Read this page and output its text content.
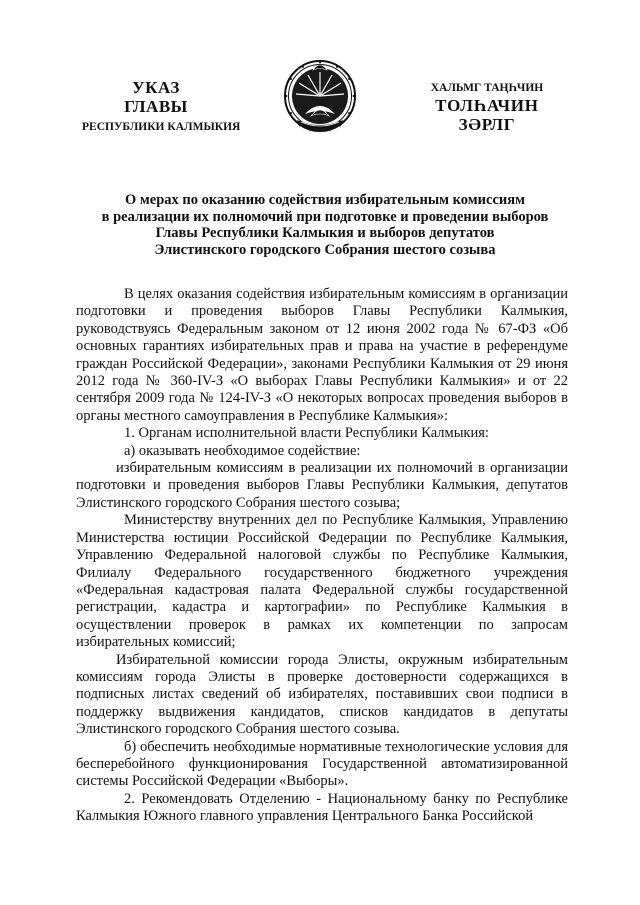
УКАЗ
ГЛАВЫ
РЕСПУБЛИКИ КАЛМЫКИЯ
ХАЛЬМГ ТАҢҺЧИН
ТОЛҺАЧИН
ЗӘРЛГ
О мерах по оказанию содействия избирательным комиссиям
в реализации их полномочий при подготовке и проведении выборов
Главы Республики Калмыкия и выборов депутатов
Элистинского городского Собрания шестого созыва

В целях оказания содействия избирательным комиссиям в организации подготовки и проведения выборов Главы Республики Калмыкия, руководствуясь Федеральным законом от 12 июня 2002 года № 67-ФЗ «Об основных гарантиях избирательных прав и права на участие в референдуме граждан Российской Федерации», законами Республики Калмыкия от 29 июня 2012 года № 360-IV-З «О выборах Главы Республики Калмыкия» и от 22 сентября 2009 года № 124-IV-З «О некоторых вопросах проведения выборов в органы местного самоуправления в Республике Калмыкия»:

1. Органам исполнительной власти Республики Калмыкия:

а) оказывать необходимое содействие:

избирательным комиссиям в реализации их полномочий в организации подготовки и проведения выборов Главы Республики Калмыкия, депутатов Элистинского городского Собрания шестого созыва;

Министерству внутренних дел по Республике Калмыкия, Управлению Министерства юстиции Российской Федерации по Республике Калмыкия, Управлению Федеральной налоговой службы по Республике Калмыкия, Филиалу Федерального государственного бюджетного учреждения «Федеральная кадастровая палата Федеральной службы государственной регистрации, кадастра и картографии» по Республике Калмыкия в осуществлении проверок в рамках их компетенции по запросам избирательных комиссий;

Избирательной комиссии города Элисты, окружным избирательным комиссиям города Элисты в проверке достоверности содержащихся в подписных листах сведений об избирателях, поставивших свои подписи в поддержку выдвижения кандидатов, списков кандидатов в депутаты Элистинского городского Собрания шестого созыва.

б) обеспечить необходимые нормативные технологические условия для бесперебойного функционирования Государственной автоматизированной системы Российской Федерации «Выборы».

2. Рекомендовать Отделению - Национальному банку по Республике Калмыкия Южного главного управления Центрального Банка Российской
